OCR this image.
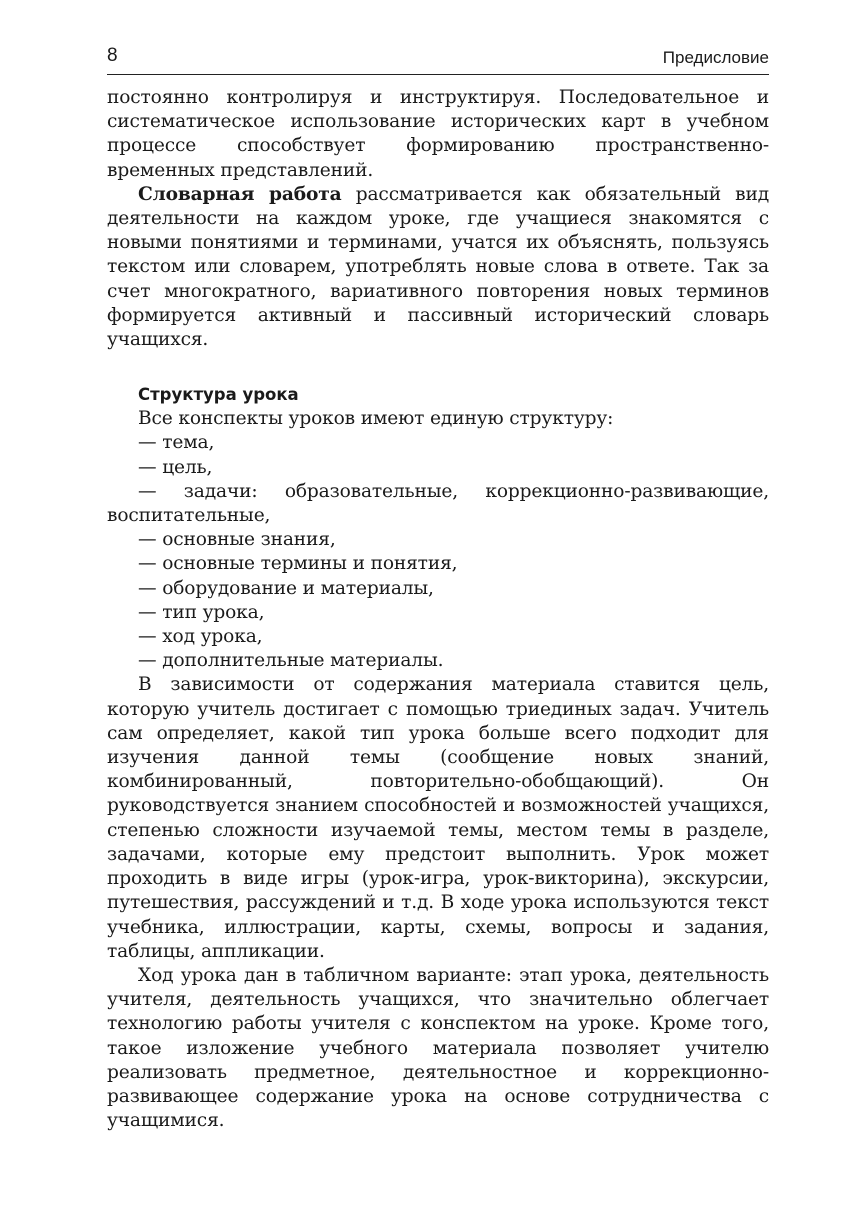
8	Предисловие

постоянно контролируя и инструктируя. Последовательное и систематическое использование исторических карт в учебном процессе способствует формированию пространственно-временных представлений.

Словарная работа рассматривается как обязательный вид деятельности на каждом уроке, где учащиеся знакомятся с новыми понятиями и терминами, учатся их объяснять, пользуясь текстом или словарем, употреблять новые слова в ответе. Так за счет многократного, вариативного повторения новых терминов формируется активный и пассивный исторический словарь учащихся.

Структура урока

Все конспекты уроков имеют единую структуру:

— тема,

— цель,

— задачи: образовательные, коррекционно-развивающие, воспитательные,

— основные знания,

— основные термины и понятия,

— оборудование и материалы,

— тип урока,

— ход урока,

— дополнительные материалы.

В зависимости от содержания материала ставится цель, которую учитель достигает с помощью триединых задач. Учитель сам определяет, какой тип урока больше всего подходит для изучения данной темы (сообщение новых знаний, комбинированный, повторительно-обобщающий). Он руководствуется знанием способностей и возможностей учащихся, степенью сложности изучаемой темы, местом темы в разделе, задачами, которые ему предстоит выполнить. Урок может проходить в виде игры (урок-игра, урок-викторина), экскурсии, путешествия, рассуждений и т.д. В ходе урока используются текст учебника, иллюстрации, карты, схемы, вопросы и задания, таблицы, аппликации.

Ход урока дан в табличном варианте: этап урока, деятельность учителя, деятельность учащихся, что значительно облегчает технологию работы учителя с конспектом на уроке. Кроме того, такое изложение учебного материала позволяет учителю реализовать предметное, деятельностное и коррекционно-развивающее содержание урока на основе сотрудничества с учащимися.
